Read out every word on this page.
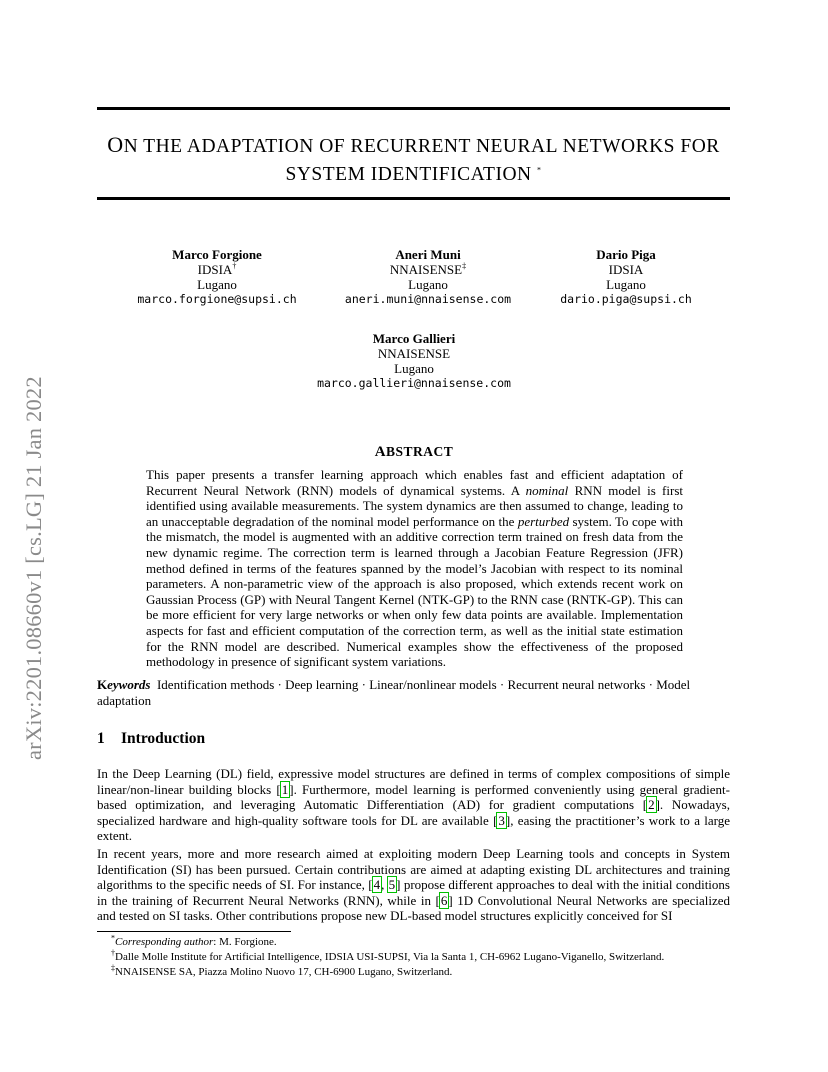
arXiv:2201.08660v1 [cs.LG] 21 Jan 2022
ON THE ADAPTATION OF RECURRENT NEURAL NETWORKS FOR
SYSTEM IDENTIFICATION *
Marco Forgione
IDSIA†
Lugano
marco.forgione@supsi.ch
Aneri Muni
NNAISENSE‡
Lugano
aneri.muni@nnaisense.com
Dario Piga
IDSIA
Lugano
dario.piga@supsi.ch
Marco Gallieri
NNAISENSE
Lugano
marco.gallieri@nnaisense.com
ABSTRACT
This paper presents a transfer learning approach which enables fast and efficient adaptation of Recurrent Neural Network (RNN) models of dynamical systems. A nominal RNN model is first identified using available measurements. The system dynamics are then assumed to change, leading to an unacceptable degradation of the nominal model performance on the perturbed system. To cope with the mismatch, the model is augmented with an additive correction term trained on fresh data from the new dynamic regime. The correction term is learned through a Jacobian Feature Regression (JFR) method defined in terms of the features spanned by the model’s Jacobian with respect to its nominal parameters. A non-parametric view of the approach is also proposed, which extends recent work on Gaussian Process (GP) with Neural Tangent Kernel (NTK-GP) to the RNN case (RNTK-GP). This can be more efficient for very large networks or when only few data points are available. Implementation aspects for fast and efficient computation of the correction term, as well as the initial state estimation for the RNN model are described. Numerical examples show the effectiveness of the proposed methodology in presence of significant system variations.
Keywords Identification methods · Deep learning · Linear/nonlinear models · Recurrent neural networks · Model adaptation
1 Introduction
In the Deep Learning (DL) field, expressive model structures are defined in terms of complex compositions of simple linear/non-linear building blocks [1]. Furthermore, model learning is performed conveniently using general gradient-based optimization, and leveraging Automatic Differentiation (AD) for gradient computations [2]. Nowadays, specialized hardware and high-quality software tools for DL are available [3], easing the practitioner’s work to a large extent.
In recent years, more and more research aimed at exploiting modern Deep Learning tools and concepts in System Identification (SI) has been pursued. Certain contributions are aimed at adapting existing DL architectures and training algorithms to the specific needs of SI. For instance, [4, 5] propose different approaches to deal with the initial conditions in the training of Recurrent Neural Networks (RNN), while in [6] 1D Convolutional Neural Networks are specialized and tested on SI tasks. Other contributions propose new DL-based model structures explicitly conceived for SI
*Corresponding author: M. Forgione.
†Dalle Molle Institute for Artificial Intelligence, IDSIA USI-SUPSI, Via la Santa 1, CH-6962 Lugano-Viganello, Switzerland.
‡NNAISENSE SA, Piazza Molino Nuovo 17, CH-6900 Lugano, Switzerland.
